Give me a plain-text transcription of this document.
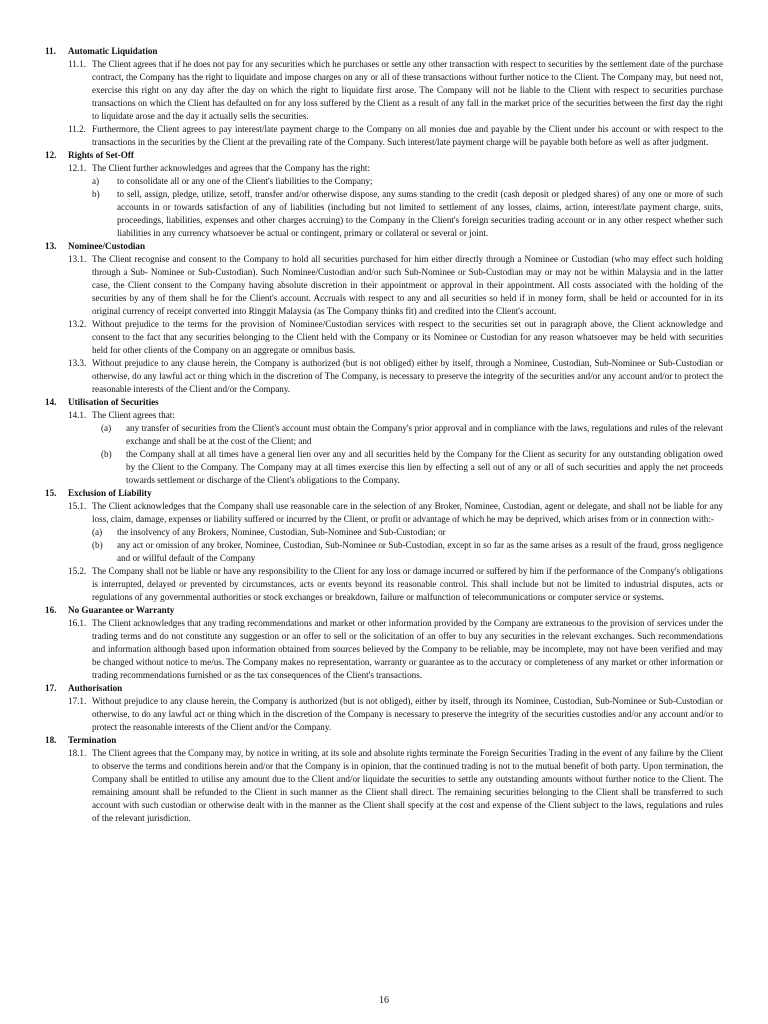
11.	Automatic Liquidation
11.1. The Client agrees that if he does not pay for any securities which he purchases or settle any other transaction with respect to securities by the settlement date of the purchase contract, the Company has the right to liquidate and impose charges on any or all of these transactions without further notice to the Client. The Company may, but need not, exercise this right on any day after the day on which the right to liquidate first arose. The Company will not be liable to the Client with respect to securities purchase transactions on which the Client has defaulted on for any loss suffered by the Client as a result of any fall in the market price of the securities between the first day the right to liquidate arose and the day it actually sells the securities.
11.2. Furthermore, the Client agrees to pay interest/late payment charge to the Company on all monies due and payable by the Client under his account or with respect to the transactions in the securities by the Client at the prevailing rate of the Company. Such interest/late payment charge will be payable both before as well as after judgment.
12.	Rights of Set-Off
12.1. The Client further acknowledges and agrees that the Company has the right:
a)	to consolidate all or any one of the Client's liabilities to the Company;
b)	to sell, assign, pledge, utilize, setoff, transfer and/or otherwise dispose, any sums standing to the credit (cash deposit or pledged shares) of any one or more of such accounts in or towards satisfaction of any of liabilities (including but not limited to settlement of any losses, claims, action, interest/late payment charge, suits, proceedings, liabilities, expenses and other charges accruing) to the Company in the Client's foreign securities trading account or in any other respect whether such liabilities in any currency whatsoever be actual or contingent, primary or collateral or several or joint.
13.	Nominee/Custodian
13.1. The Client recognise and consent to the Company to hold all securities purchased for him either directly through a Nominee or Custodian (who may effect such holding through a Sub- Nominee or Sub-Custodian). Such Nominee/Custodian and/or such Sub-Nominee or Sub-Custodian may or may not be within Malaysia and in the latter case, the Client consent to the Company having absolute discretion in their appointment or approval in their appointment. All costs associated with the holding of the securities by any of them shall be for the Client's account. Accruals with respect to any and all securities so held if in money form, shall be held or accounted for in its original currency of receipt converted into Ringgit Malaysia (as The Company thinks fit) and credited into the Client's account.
13.2. Without prejudice to the terms for the provision of Nominee/Custodian services with respect to the securities set out in paragraph above, the Client acknowledge and consent to the fact that any securities belonging to the Client held with the Company or its Nominee or Custodian for any reason whatsoever may be held with securities held for other clients of the Company on an aggregate or omnibus basis.
13.3. Without prejudice to any clause herein, the Company is authorized (but is not obliged) either by itself, through a Nominee, Custodian, Sub-Nominee or Sub-Custodian or otherwise, do any lawful act or thing which in the discretion of The Company, is necessary to preserve the integrity of the securities and/or any account and/or to protect the reasonable interests of the Client and/or the Company.
14.	Utilisation of Securities
14.1. The Client agrees that:
(a)	any transfer of securities from the Client's account must obtain the Company's prior approval and in compliance with the laws, regulations and rules of the relevant exchange and shall be at the cost of the Client; and
(b)	the Company shall at all times have a general lien over any and all securities held by the Company for the Client as security for any outstanding obligation owed by the Client to the Company. The Company may at all times exercise this lien by effecting a sell out of any or all of such securities and apply the net proceeds towards settlement or discharge of the Client's obligations to the Company.
15.	Exclusion of Liability
15.1. The Client acknowledges that the Company shall use reasonable care in the selection of any Broker, Nominee, Custodian, agent or delegate, and shall not be liable for any loss, claim, damage, expenses or liability suffered or incurred by the Client, or profit or advantage of which he may be deprived, which arises from or in connection with:-
(a)	the insolvency of any Brokers, Nominee, Custodian, Sub-Nominee and Sub-Custodian; or
(b)	any act or omission of any broker, Nominee, Custodian, Sub-Nominee or Sub-Custodian, except in so far as the same arises as a result of the fraud, gross negligence and or willful default of the Company
15.2. The Company shall not be liable or have any responsibility to the Client for any loss or damage incurred or suffered by him if the performance of the Company's obligations is interrupted, delayed or prevented by circumstances, acts or events beyond its reasonable control. This shall include but not be limited to industrial disputes, acts or regulations of any governmental authorities or stock exchanges or breakdown, failure or malfunction of telecommunications or computer service or systems.
16.	No Guarantee or Warranty
16.1. The Client acknowledges that any trading recommendations and market or other information provided by the Company are extraneous to the provision of services under the trading terms and do not constitute any suggestion or an offer to sell or the solicitation of an offer to buy any securities in the relevant exchanges. Such recommendations and information although based upon information obtained from sources believed by the Company to be reliable, may be incomplete, may not have been verified and may be changed without notice to me/us. The Company makes no representation, warranty or guarantee as to the accuracy or completeness of any market or other information or trading recommendations furnished or as the tax consequences of the Client's transactions.
17.	Authorisation
17.1. Without prejudice to any clause herein, the Company is authorized (but is not obliged), either by itself, through its Nominee, Custodian, Sub-Nominee or Sub-Custodian or otherwise, to do any lawful act or thing which in the discretion of the Company is necessary to preserve the integrity of the securities custodies and/or any account and/or to protect the reasonable interests of the Client and/or the Company.
18.	Termination
18.1. The Client agrees that the Company may, by notice in writing, at its sole and absolute rights terminate the Foreign Securities Trading in the event of any failure by the Client to observe the terms and conditions herein and/or that the Company is in opinion, that the continued trading is not to the mutual benefit of both party. Upon termination, the Company shall be entitled to utilise any amount due to the Client and/or liquidate the securities to settle any outstanding amounts without further notice to the Client. The remaining amount shall be refunded to the Client in such manner as the Client shall direct. The remaining securities belonging to the Client shall be transferred to such account with such custodian or otherwise dealt with in the manner as the Client shall specify at the cost and expense of the Client subject to the laws, regulations and rules of the relevant jurisdiction.
16
